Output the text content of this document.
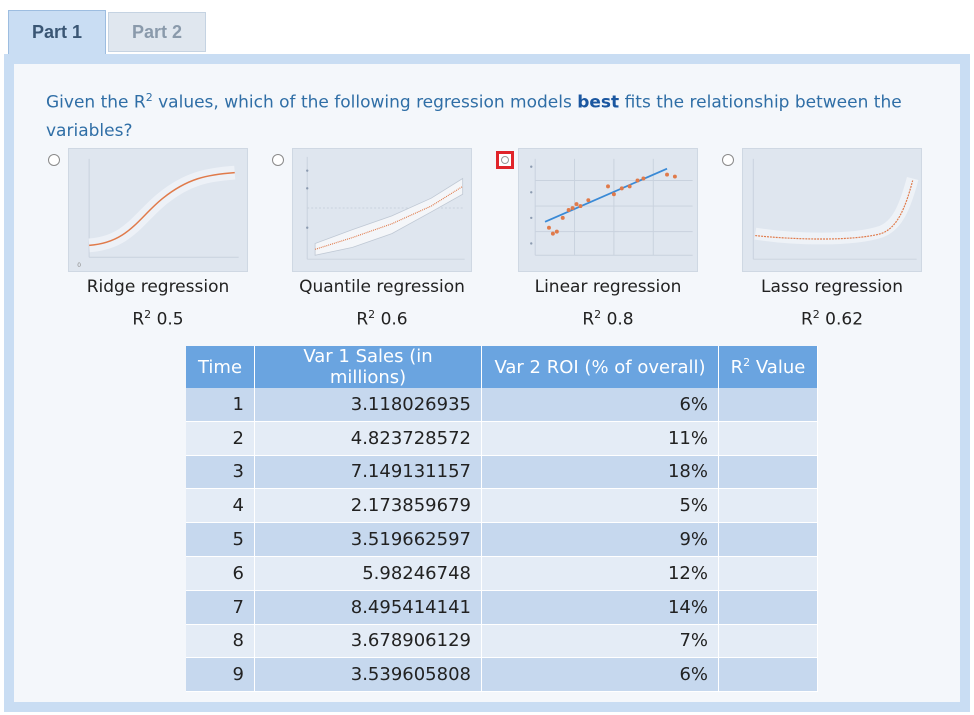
Part 1	Part 2
Given the $R^2$ values, which of the following regression models best fits the relationship between the variables?
0
Ridge regression
$R^2$ 0.5
Quantile regression
$R^2$ 0.6
Linear regression
$R^2$ 0.8
Lasso regression
$R^2$ 0.62
Time	Var 1 Sales (in millions)	Var 2 ROI (% of overall)	$R^2$ Value
1	3.118026935	6%	
2	4.823728572	11%	
3	7.149131157	18%	
4	2.173859679	5%	
5	3.519662597	9%	
6	5.98246748	12%	
7	8.495414141	14%	
8	3.678906129	7%	
9	3.539605808	6%	
